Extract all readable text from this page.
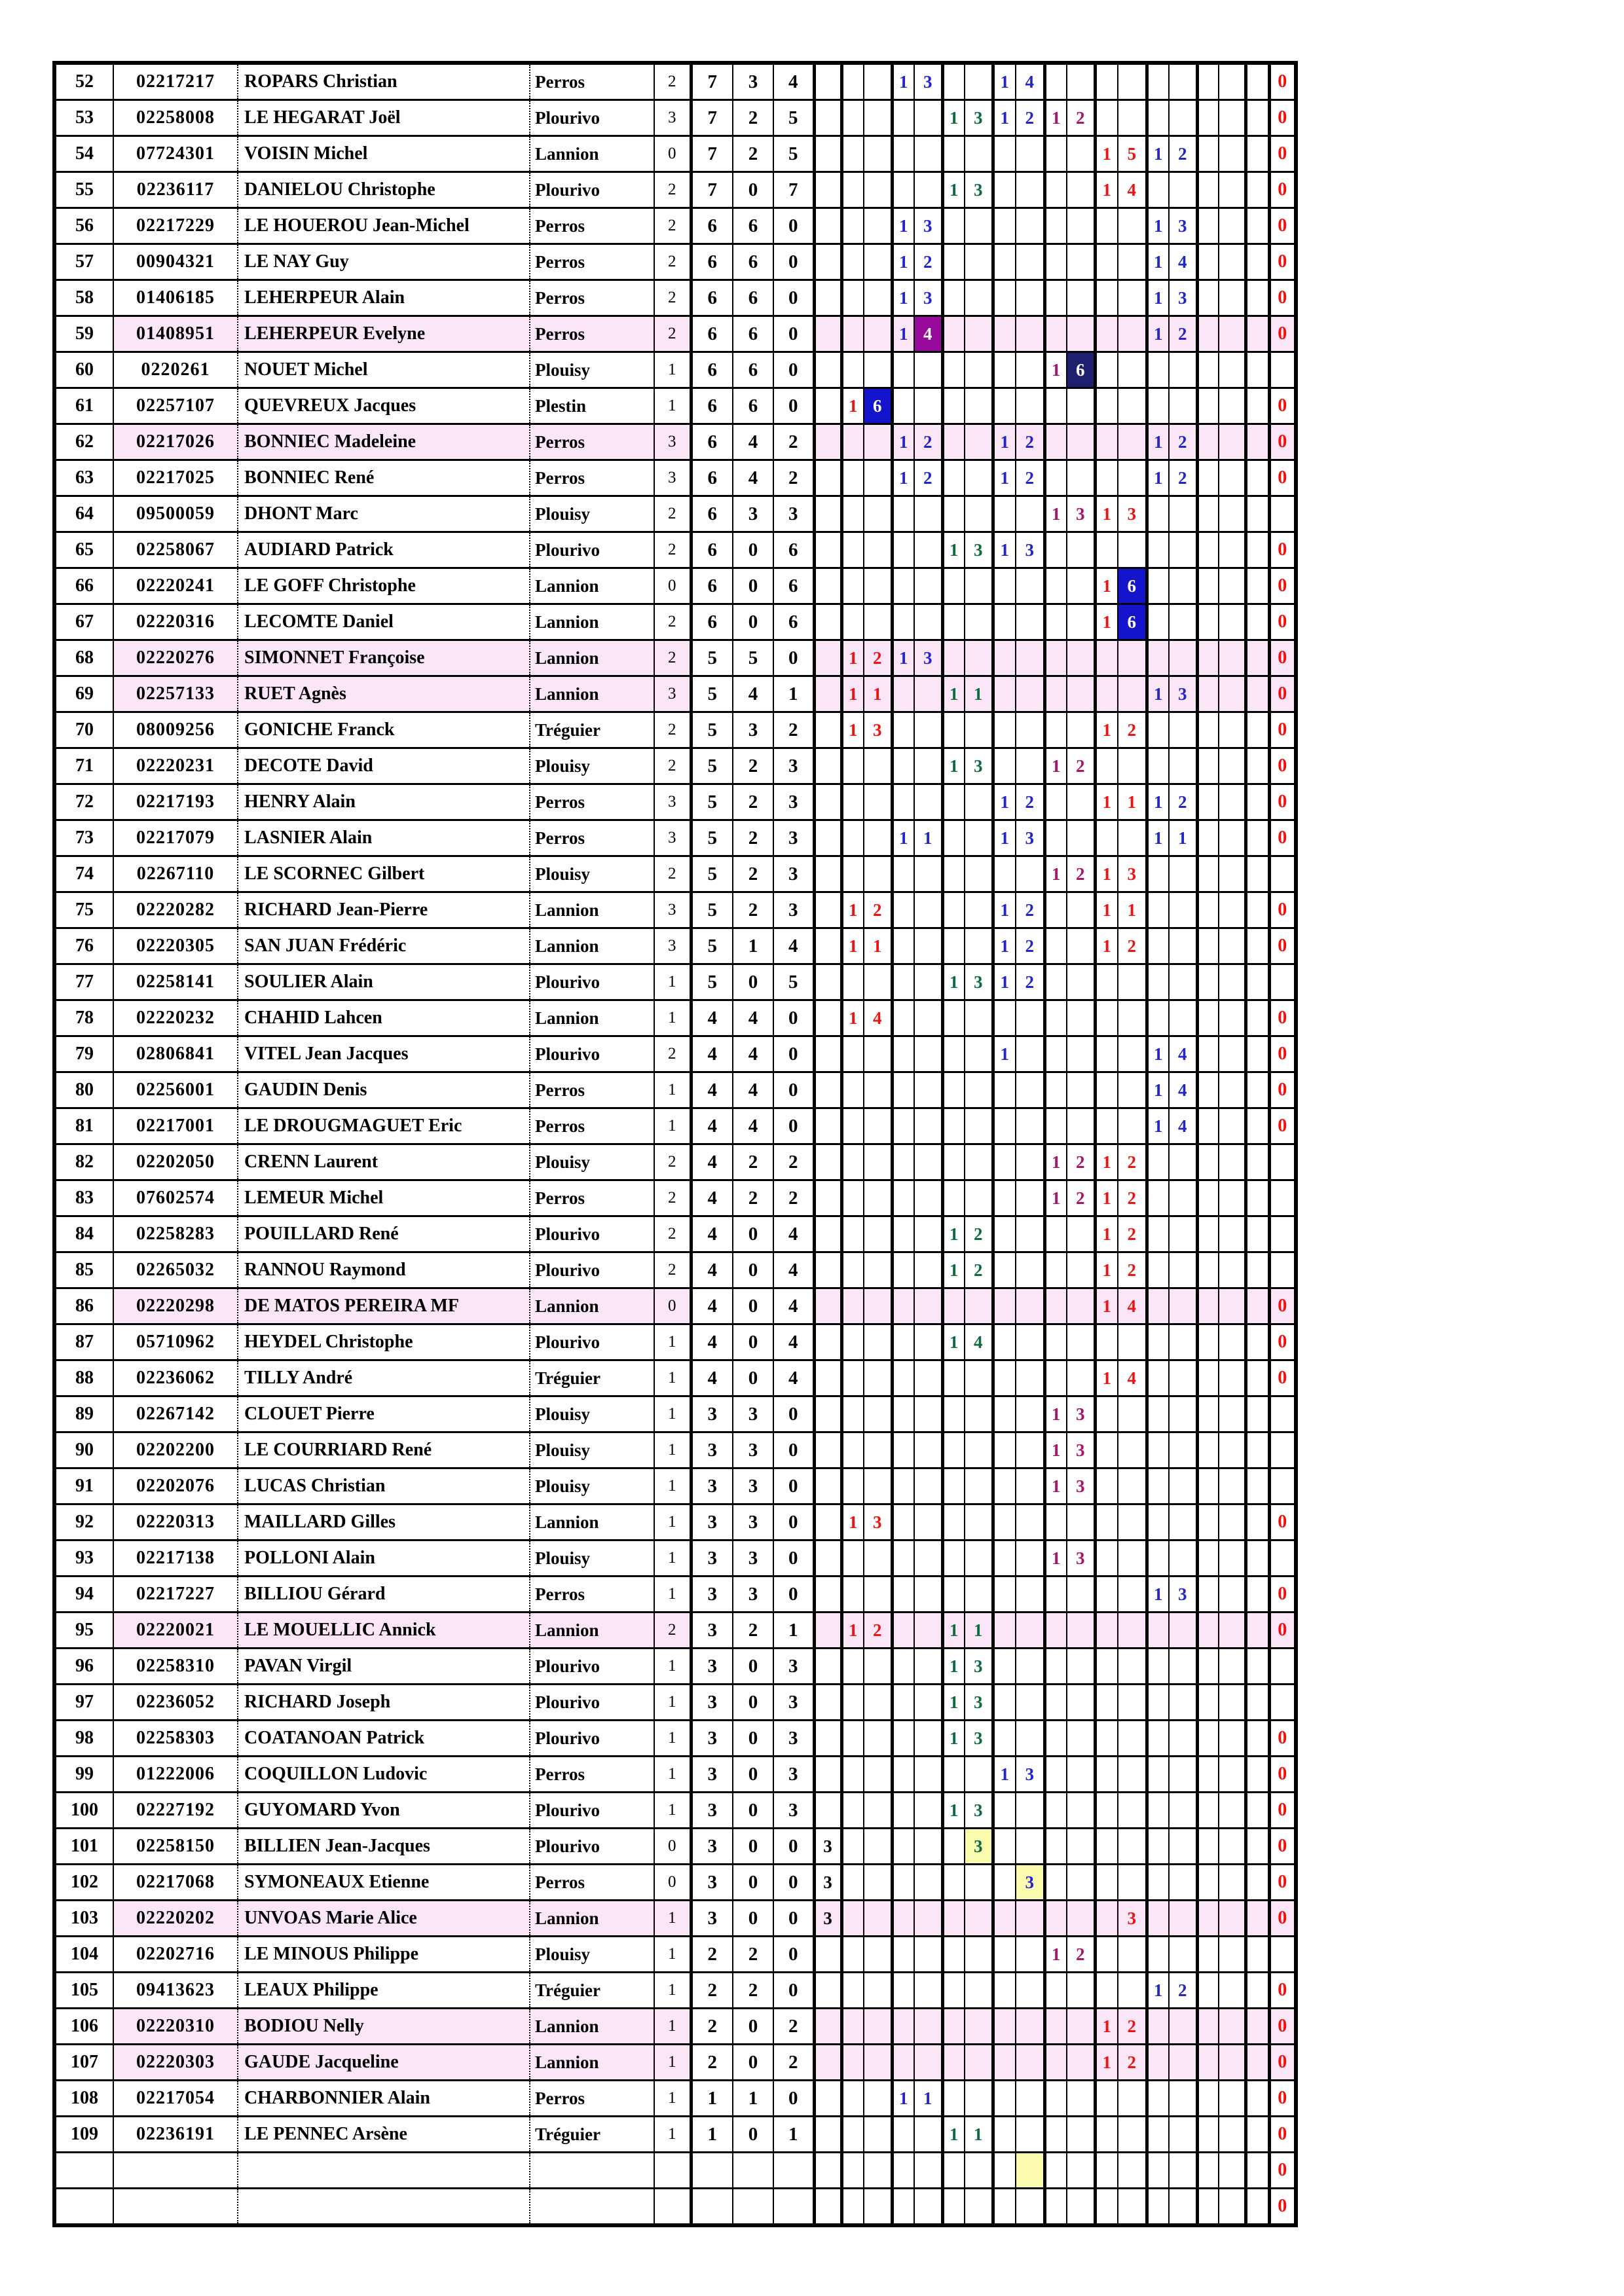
52	02217217	ROPARS Christian	Perros	2	7	3	4				1	3			1	4										0
53	02258008	LE HEGARAT Joël	Plourivo	3	7	2	5						1	3	1	2	1	2								0
54	07724301	VOISIN Michel	Lannion	0	7	2	5												1	5	1	2				0
55	02236117	DANIELOU Christophe	Plourivo	2	7	0	7						1	3					1	4						0
56	02217229	LE HOUEROU Jean-Michel	Perros	2	6	6	0				1	3									1	3				0
57	00904321	LE NAY Guy	Perros	2	6	6	0				1	2									1	4				0
58	01406185	LEHERPEUR Alain	Perros	2	6	6	0				1	3									1	3				0
59	01408951	LEHERPEUR Evelyne	Perros	2	6	6	0				1	4									1	2				0
60	0220261	NOUET Michel	Plouisy	1	6	6	0										1	6								
61	02257107	QUEVREUX Jacques	Plestin	1	6	6	0		1	6																0
62	02217026	BONNIEC Madeleine	Perros	3	6	4	2				1	2			1	2					1	2				0
63	02217025	BONNIEC René	Perros	3	6	4	2				1	2			1	2					1	2				0
64	09500059	DHONT Marc	Plouisy	2	6	3	3										1	3	1	3						
65	02258067	AUDIARD Patrick	Plourivo	2	6	0	6						1	3	1	3										0
66	02220241	LE GOFF Christophe	Lannion	0	6	0	6												1	6						0
67	02220316	LECOMTE Daniel	Lannion	2	6	0	6												1	6						0
68	02220276	SIMONNET Françoise	Lannion	2	5	5	0		1	2	1	3														0
69	02257133	RUET Agnès	Lannion	3	5	4	1		1	1			1	1							1	3				0
70	08009256	GONICHE Franck	Tréguier	2	5	3	2		1	3									1	2						0
71	02220231	DECOTE David	Plouisy	2	5	2	3						1	3			1	2								0
72	02217193	HENRY Alain	Perros	3	5	2	3								1	2			1	1	1	2				0
73	02217079	LASNIER Alain	Perros	3	5	2	3				1	1			1	3					1	1				0
74	02267110	LE SCORNEC Gilbert	Plouisy	2	5	2	3										1	2	1	3						
75	02220282	RICHARD Jean-Pierre	Lannion	3	5	2	3		1	2					1	2			1	1						0
76	02220305	SAN JUAN Frédéric	Lannion	3	5	1	4		1	1					1	2			1	2						0
77	02258141	SOULIER Alain	Plourivo	1	5	0	5						1	3	1	2										
78	02220232	CHAHID Lahcen	Lannion	1	4	4	0		1	4																0
79	02806841	VITEL Jean Jacques	Plourivo	2	4	4	0								1						1	4				0
80	02256001	GAUDIN Denis	Perros	1	4	4	0														1	4				0
81	02217001	LE DROUGMAGUET Eric	Perros	1	4	4	0														1	4				0
82	02202050	CRENN Laurent	Plouisy	2	4	2	2										1	2	1	2						
83	07602574	LEMEUR Michel	Perros	2	4	2	2										1	2	1	2						
84	02258283	POUILLARD René	Plourivo	2	4	0	4						1	2					1	2						
85	02265032	RANNOU Raymond	Plourivo	2	4	0	4						1	2					1	2						
86	02220298	DE MATOS PEREIRA MF	Lannion	0	4	0	4												1	4						0
87	05710962	HEYDEL Christophe	Plourivo	1	4	0	4						1	4												0
88	02236062	TILLY André	Tréguier	1	4	0	4												1	4						0
89	02267142	CLOUET Pierre	Plouisy	1	3	3	0										1	3								
90	02202200	LE COURRIARD René	Plouisy	1	3	3	0										1	3								
91	02202076	LUCAS Christian	Plouisy	1	3	3	0										1	3								
92	02220313	MAILLARD Gilles	Lannion	1	3	3	0		1	3																0
93	02217138	POLLONI Alain	Plouisy	1	3	3	0										1	3								
94	02217227	BILLIOU Gérard	Perros	1	3	3	0														1	3				0
95	02220021	LE MOUELLIC Annick	Lannion	2	3	2	1		1	2			1	1												0
96	02258310	PAVAN Virgil	Plourivo	1	3	0	3						1	3												
97	02236052	RICHARD Joseph	Plourivo	1	3	0	3						1	3												
98	02258303	COATANOAN Patrick	Plourivo	1	3	0	3						1	3												0
99	01222006	COQUILLON Ludovic	Perros	1	3	0	3								1	3										0
100	02227192	GUYOMARD Yvon	Plourivo	1	3	0	3						1	3												0
101	02258150	BILLIEN Jean-Jacques	Plourivo	0	3	0	0	3						3												0
102	02217068	SYMONEAUX Etienne	Perros	0	3	0	0	3								3										0
103	02220202	UNVOAS Marie Alice	Lannion	1	3	0	0	3												3						0
104	02202716	LE MINOUS Philippe	Plouisy	1	2	2	0										1	2								
105	09413623	LEAUX Philippe	Tréguier	1	2	2	0														1	2				0
106	02220310	BODIOU Nelly	Lannion	1	2	0	2												1	2						0
107	02220303	GAUDE Jacqueline	Lannion	1	2	0	2												1	2						0
108	02217054	CHARBONNIER Alain	Perros	1	1	1	0				1	1														0
109	02236191	LE PENNEC Arsène	Tréguier	1	1	0	1						1	1												0
																										0
																										0
